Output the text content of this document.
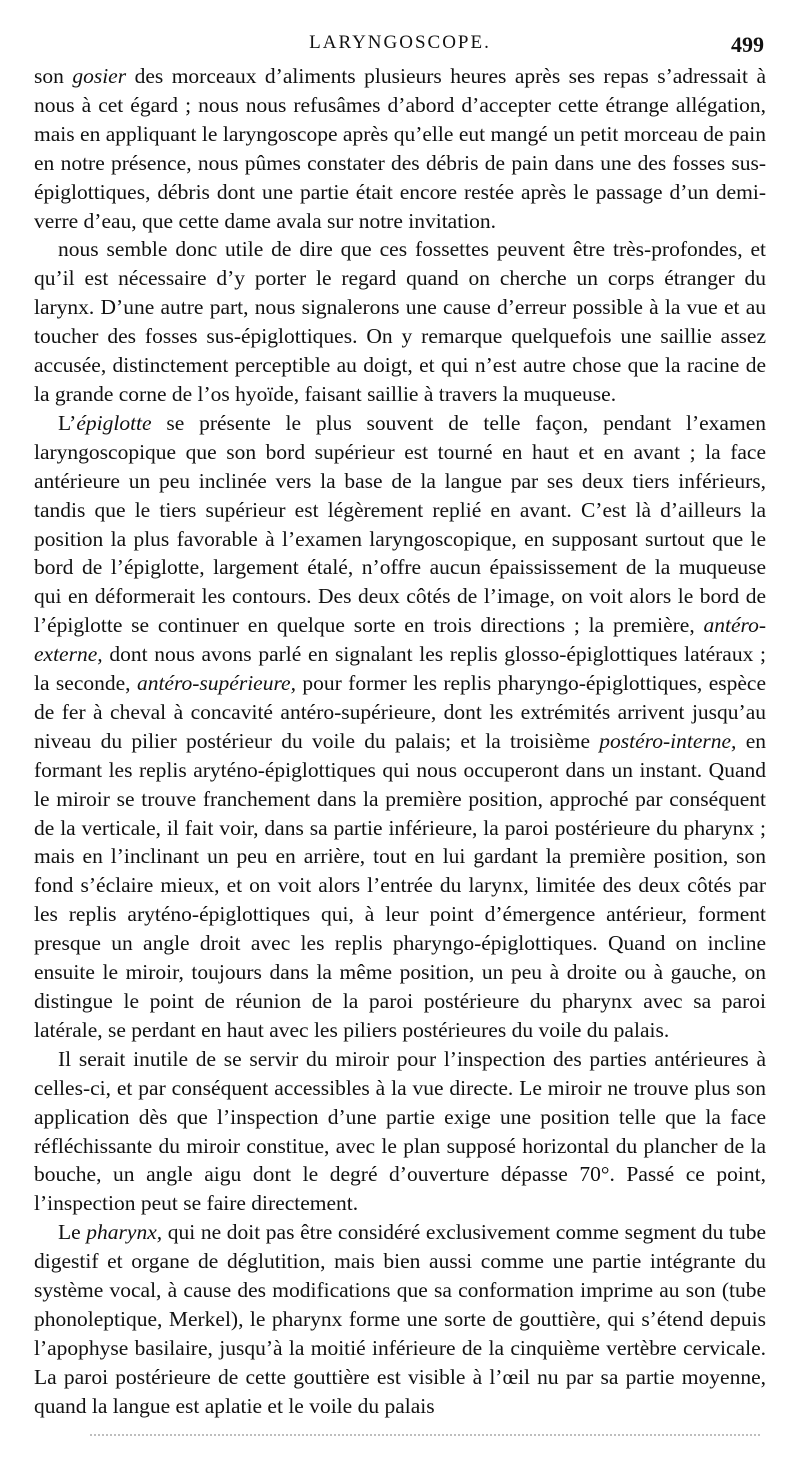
LARYNGOSCOPE.	499

son gosier des morceaux d’aliments plusieurs heures après ses repas s’adressait à nous à cet égard ; nous nous refusâmes d’abord d’accepter cette étrange allégation, mais en appliquant le laryngoscope après qu’elle eut mangé un petit morceau de pain en notre présence, nous pûmes constater des débris de pain dans une des fosses sus-épiglottiques, débris dont une partie était encore restée après le passage d’un demi-verre d’eau, que cette dame avala sur notre invitation.

nous semble donc utile de dire que ces fossettes peuvent être très-profondes, et qu’il est nécessaire d’y porter le regard quand on cherche un corps étranger du larynx. D’une autre part, nous signalerons une cause d’erreur possible à la vue et au toucher des fosses sus-épiglottiques. On y remarque quelquefois une saillie assez accusée, distinctement perceptible au doigt, et qui n’est autre chose que la racine de la grande corne de l’os hyoïde, faisant saillie à travers la muqueuse.

L’épiglotte se présente le plus souvent de telle façon, pendant l’examen laryngoscopique que son bord supérieur est tourné en haut et en avant ; la face antérieure un peu inclinée vers la base de la langue par ses deux tiers inférieurs, tandis que le tiers supérieur est légèrement replié en avant. C’est là d’ailleurs la position la plus favorable à l’examen laryngoscopique, en supposant surtout que le bord de l’épiglotte, largement étalé, n’offre aucun épaississement de la muqueuse qui en déformerait les contours. Des deux côtés de l’image, on voit alors le bord de l’épiglotte se continuer en quelque sorte en trois directions ; la première, antéro-externe, dont nous avons parlé en signalant les replis glosso-épiglottiques latéraux ; la seconde, antéro-supérieure, pour former les replis pharyngo-épiglottiques, espèce de fer à cheval à concavité antéro-supérieure, dont les extrémités arrivent jusqu’au niveau du pilier postérieur du voile du palais; et la troisième postéro-interne, en formant les replis aryténo-épiglottiques qui nous occuperont dans un instant. Quand le miroir se trouve franchement dans la première position, approché par conséquent de la verticale, il fait voir, dans sa partie inférieure, la paroi postérieure du pharynx ; mais en l’inclinant un peu en arrière, tout en lui gardant la première position, son fond s’éclaire mieux, et on voit alors l’entrée du larynx, limitée des deux côtés par les replis aryténo-épiglottiques qui, à leur point d’émergence antérieur, forment presque un angle droit avec les replis pharyngo-épiglottiques. Quand on incline ensuite le miroir, toujours dans la même position, un peu à droite ou à gauche, on distingue le point de réunion de la paroi postérieure du pharynx avec sa paroi latérale, se perdant en haut avec les piliers postérieures du voile du palais.

Il serait inutile de se servir du miroir pour l’inspection des parties antérieures à celles-ci, et par conséquent accessibles à la vue directe. Le miroir ne trouve plus son application dès que l’inspection d’une partie exige une position telle que la face réfléchissante du miroir constitue, avec le plan supposé horizontal du plancher de la bouche, un angle aigu dont le degré d’ouverture dépasse 70°. Passé ce point, l’inspection peut se faire directement.

Le pharynx, qui ne doit pas être considéré exclusivement comme segment du tube digestif et organe de déglutition, mais bien aussi comme une partie intégrante du système vocal, à cause des modifications que sa conformation imprime au son (tube phonoleptique, Merkel), le pharynx forme une sorte de gouttière, qui s’étend depuis l’apophyse basilaire, jusqu’à la moitié inférieure de la cinquième vertèbre cervicale. La paroi postérieure de cette gouttière est visible à l’œil nu par sa partie moyenne, quand la langue est aplatie et le voile du palais
